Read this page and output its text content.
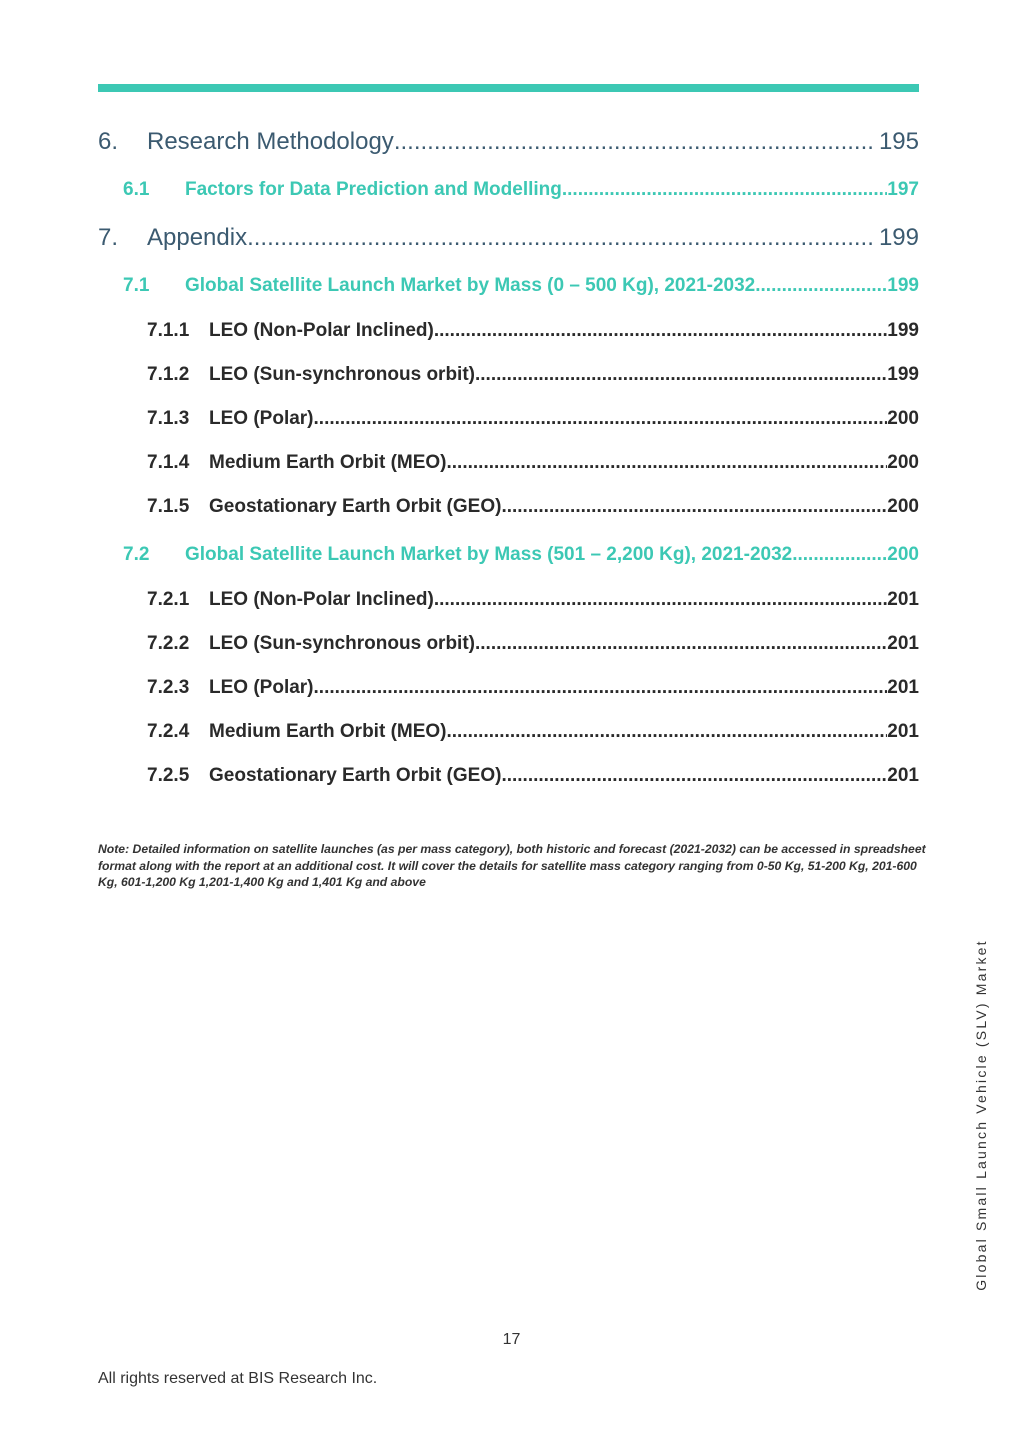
6.	Research Methodology .....	195
6.1	Factors for Data Prediction and Modelling .....	197
7.	Appendix .....	199
7.1	Global Satellite Launch Market by Mass (0 – 500 Kg), 2021-2032 .....	199
7.1.1	LEO (Non-Polar Inclined) .....	199
7.1.2	LEO (Sun-synchronous orbit) .....	199
7.1.3	LEO (Polar) .....	200
7.1.4	Medium Earth Orbit (MEO) .....	200
7.1.5	Geostationary Earth Orbit (GEO) .....	200
7.2	Global Satellite Launch Market by Mass (501 – 2,200 Kg), 2021-2032 .....	200
7.2.1	LEO (Non-Polar Inclined) .....	201
7.2.2	LEO (Sun-synchronous orbit) .....	201
7.2.3	LEO (Polar) .....	201
7.2.4	Medium Earth Orbit (MEO) .....	201
7.2.5	Geostationary Earth Orbit (GEO) .....	201
Note: Detailed information on satellite launches (as per mass category), both historic and forecast (2021-2032) can be accessed in spreadsheet format along with the report at an additional cost. It will cover the details for satellite mass category ranging from 0-50 Kg, 51-200 Kg, 201-600 Kg, 601-1,200 Kg 1,201-1,400 Kg and 1,401 Kg and above
Global Small Launch Vehicle (SLV) Market
17
All rights reserved at BIS Research Inc.
